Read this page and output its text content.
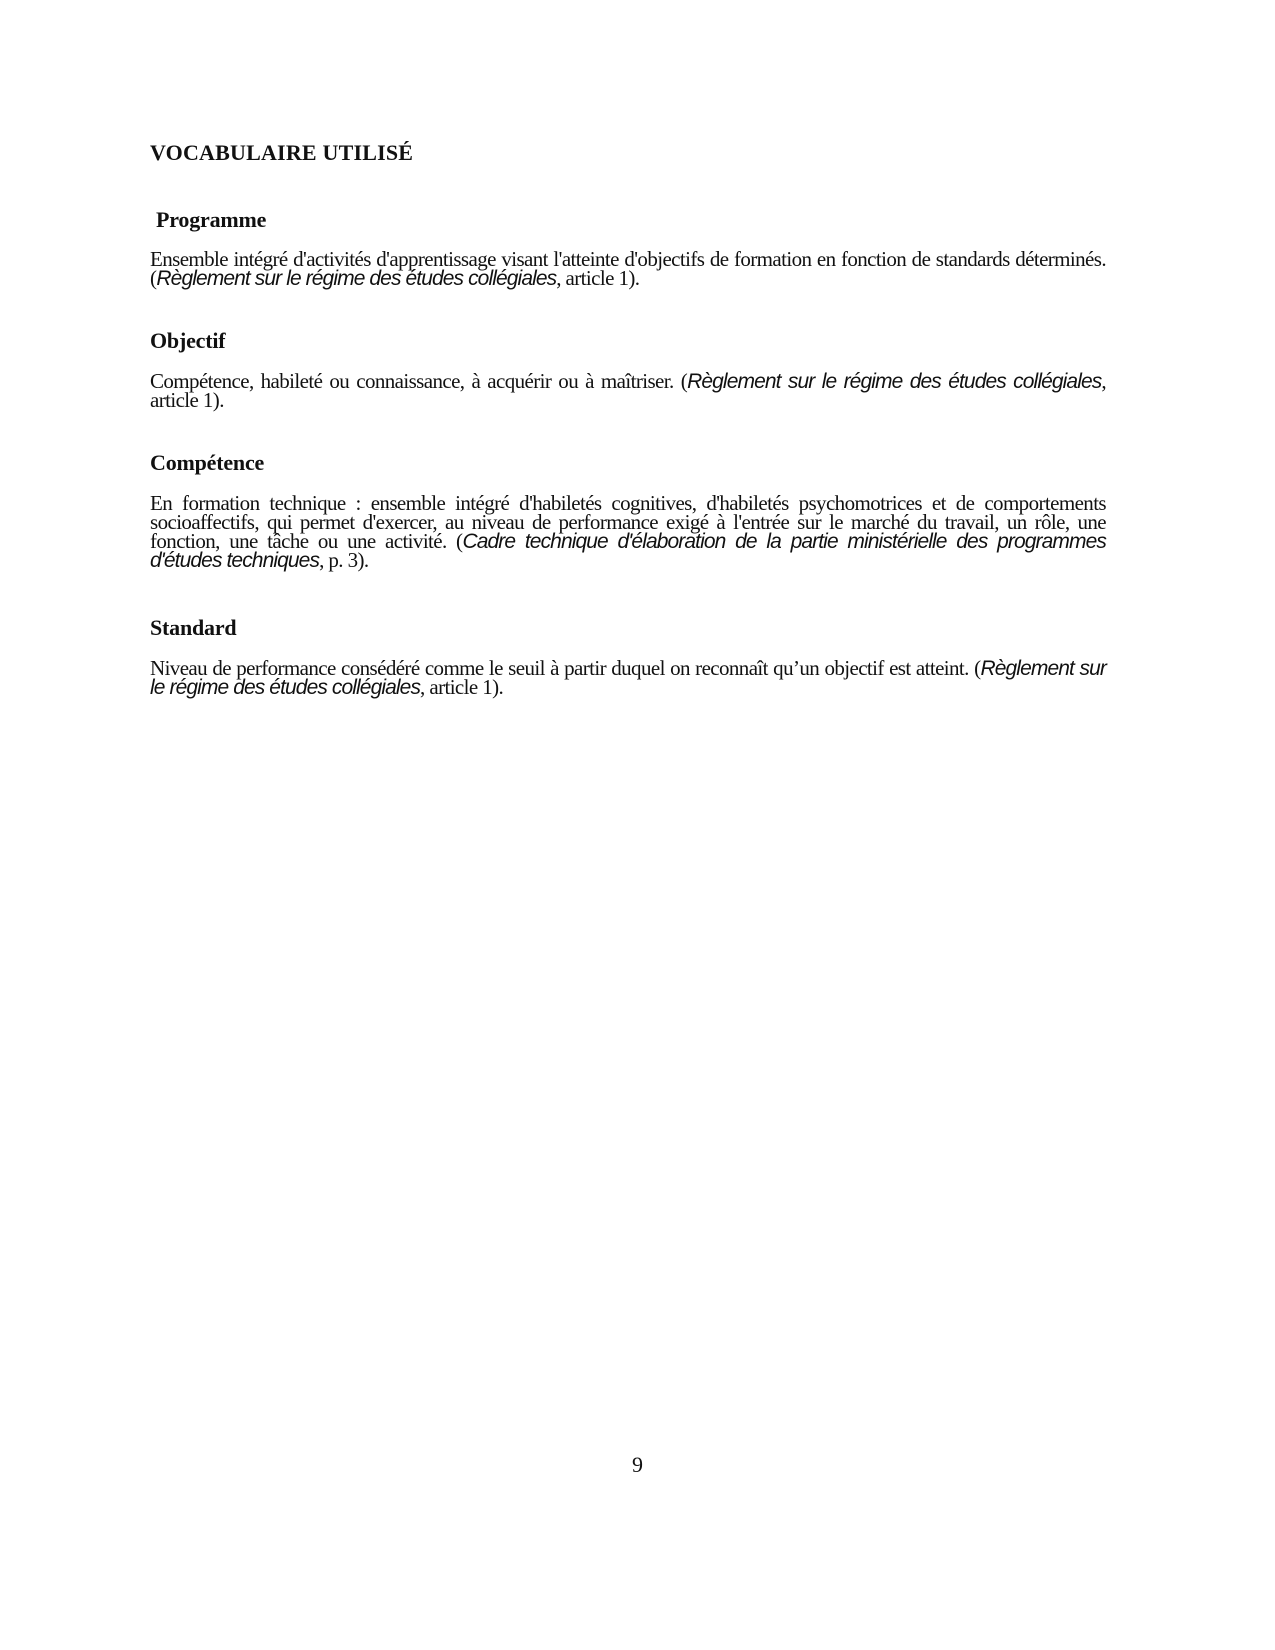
VOCABULAIRE UTILISÉ
Programme
Ensemble intégré d'activités d'apprentissage visant l'atteinte d'objectifs de formation en fonction de standards déterminés. (Règlement sur le régime des études collégiales, article 1).
Objectif
Compétence, habileté ou connaissance, à acquérir ou à maîtriser. (Règlement sur le régime des études collégiales, article 1).
Compétence
En formation technique : ensemble intégré d'habiletés cognitives, d'habiletés psychomotrices et de comportements socioaffectifs, qui permet d'exercer, au niveau de performance exigé à l'entrée sur le marché du travail, un rôle, une fonction, une tâche ou une activité. (Cadre technique d'élaboration de la partie ministérielle des programmes d'études techniques, p. 3).
Standard
Niveau de performance consédéré comme le seuil à partir duquel on reconnaît qu’un objectif est atteint. (Règlement sur le régime des études collégiales, article 1).
9
